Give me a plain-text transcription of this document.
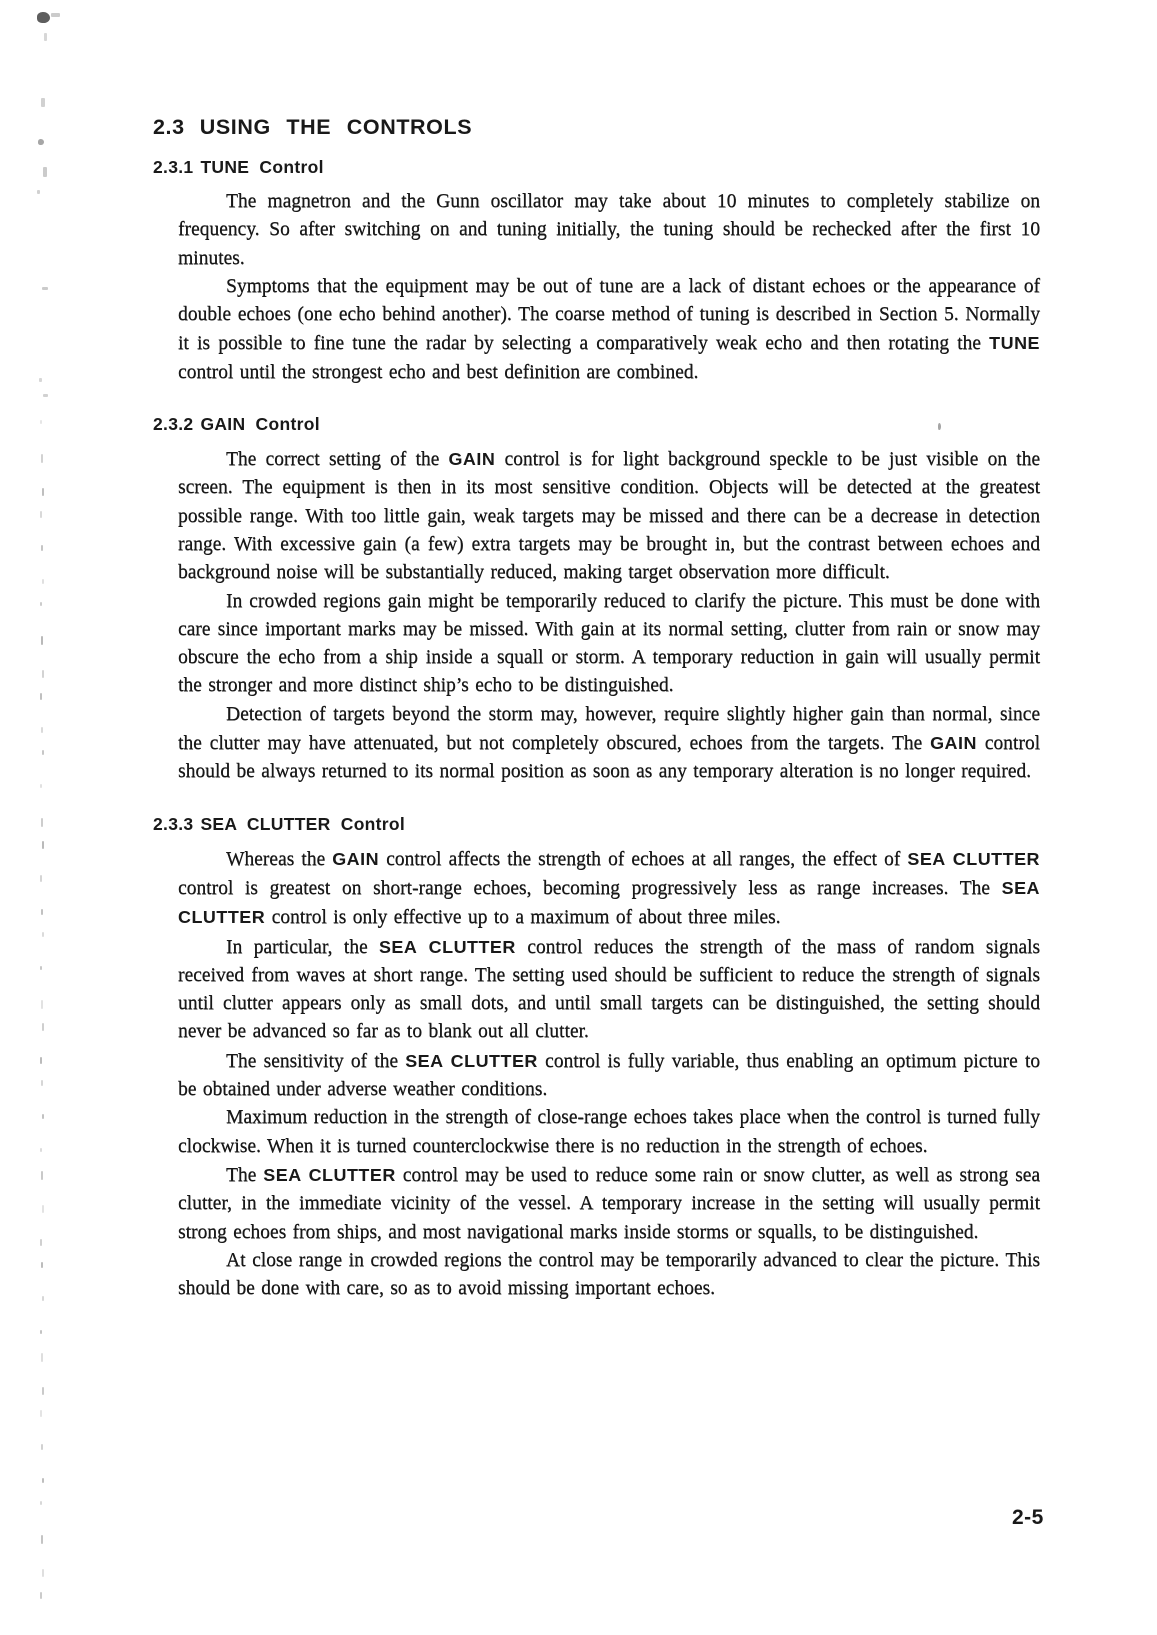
2.3 USING THE CONTROLS
2.3.1 TUNE Control

The magnetron and the Gunn oscillator may take about 10 minutes to completely stabilize on frequency. So after switching on and tuning initially, the tuning should be rechecked after the first 10 minutes.

Symptoms that the equipment may be out of tune are a lack of distant echoes or the appearance of double echoes (one echo behind another). The coarse method of tuning is described in Section 5. Normally it is possible to fine tune the radar by selecting a comparatively weak echo and then rotating the TUNE control until the strongest echo and best definition are combined.

2.3.2 GAIN Control

The correct setting of the GAIN control is for light background speckle to be just visible on the screen. The equipment is then in its most sensitive condition. Objects will be detected at the greatest possible range. With too little gain, weak targets may be missed and there can be a decrease in detection range. With excessive gain (a few) extra targets may be brought in, but the contrast between echoes and background noise will be substantially reduced, making target observation more difficult.

In crowded regions gain might be temporarily reduced to clarify the picture. This must be done with care since important marks may be missed. With gain at its normal setting, clutter from rain or snow may obscure the echo from a ship inside a squall or storm. A temporary reduction in gain will usually permit the stronger and more distinct ship’s echo to be distinguished.

Detection of targets beyond the storm may, however, require slightly higher gain than normal, since the clutter may have attenuated, but not completely obscured, echoes from the targets. The GAIN control should be always returned to its normal position as soon as any temporary alteration is no longer required.

2.3.3 SEA CLUTTER Control

Whereas the GAIN control affects the strength of echoes at all ranges, the effect of SEA CLUTTER control is greatest on short-range echoes, becoming progressively less as range increases. The SEA CLUTTER control is only effective up to a maximum of about three miles.

In particular, the SEA CLUTTER control reduces the strength of the mass of random signals received from waves at short range. The setting used should be sufficient to reduce the strength of signals until clutter appears only as small dots, and until small targets can be distinguished, the setting should never be advanced so far as to blank out all clutter.

The sensitivity of the SEA CLUTTER control is fully variable, thus enabling an optimum picture to be obtained under adverse weather conditions.

Maximum reduction in the strength of close-range echoes takes place when the control is turned fully clockwise. When it is turned counterclockwise there is no reduction in the strength of echoes.

The SEA CLUTTER control may be used to reduce some rain or snow clutter, as well as strong sea clutter, in the immediate vicinity of the vessel. A temporary increase in the setting will usually permit strong echoes from ships, and most navigational marks inside storms or squalls, to be distinguished.

At close range in crowded regions the control may be temporarily advanced to clear the picture. This should be done with care, so as to avoid missing important echoes.

2-5
